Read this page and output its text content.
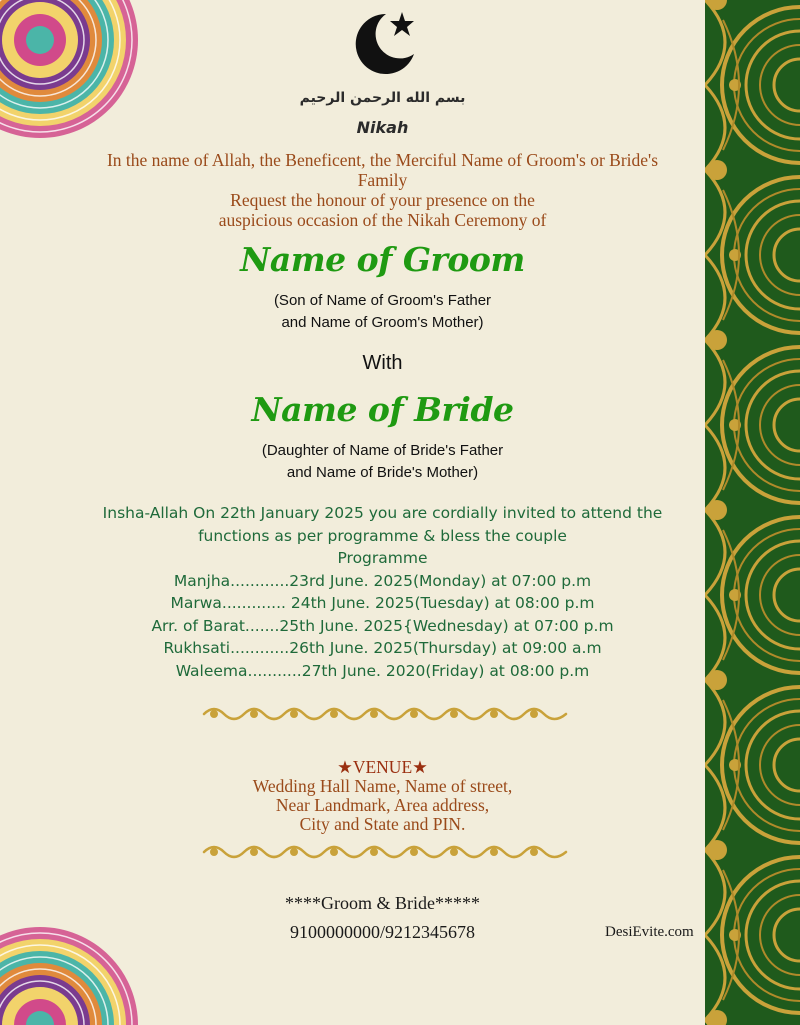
بسم الله الرحمن الرحيم
Nikah
In the name of Allah, the Beneficent, the Merciful Name of Groom's or Bride's
Family
Request the honour of your presence on the
auspicious occasion of the Nikah Ceremony of
Name of Groom
(Son of Name of Groom's Father
and Name of Groom's Mother)
With
Name of Bride
(Daughter of Name of Bride's Father
and Name of Bride's Mother)
Insha-Allah On 22th January 2025 you are cordially invited to attend the
functions as per programme & bless the couple
Programme
Manjha............23rd June. 2025(Monday) at 07:00 p.m
Marwa............. 24th June. 2025(Tuesday) at 08:00 p.m
Arr. of Barat.......25th June. 2025{Wednesday) at 07:00 p.m
Rukhsati............26th June. 2025(Thursday) at 09:00 a.m
Waleema...........27th June. 2020(Friday) at 08:00 p.m
★VENUE★
Wedding Hall Name, Name of street,
Near Landmark, Area address,
City and State and PIN.
****Groom & Bride*****
9100000000/9212345678	DesiEvite.com
